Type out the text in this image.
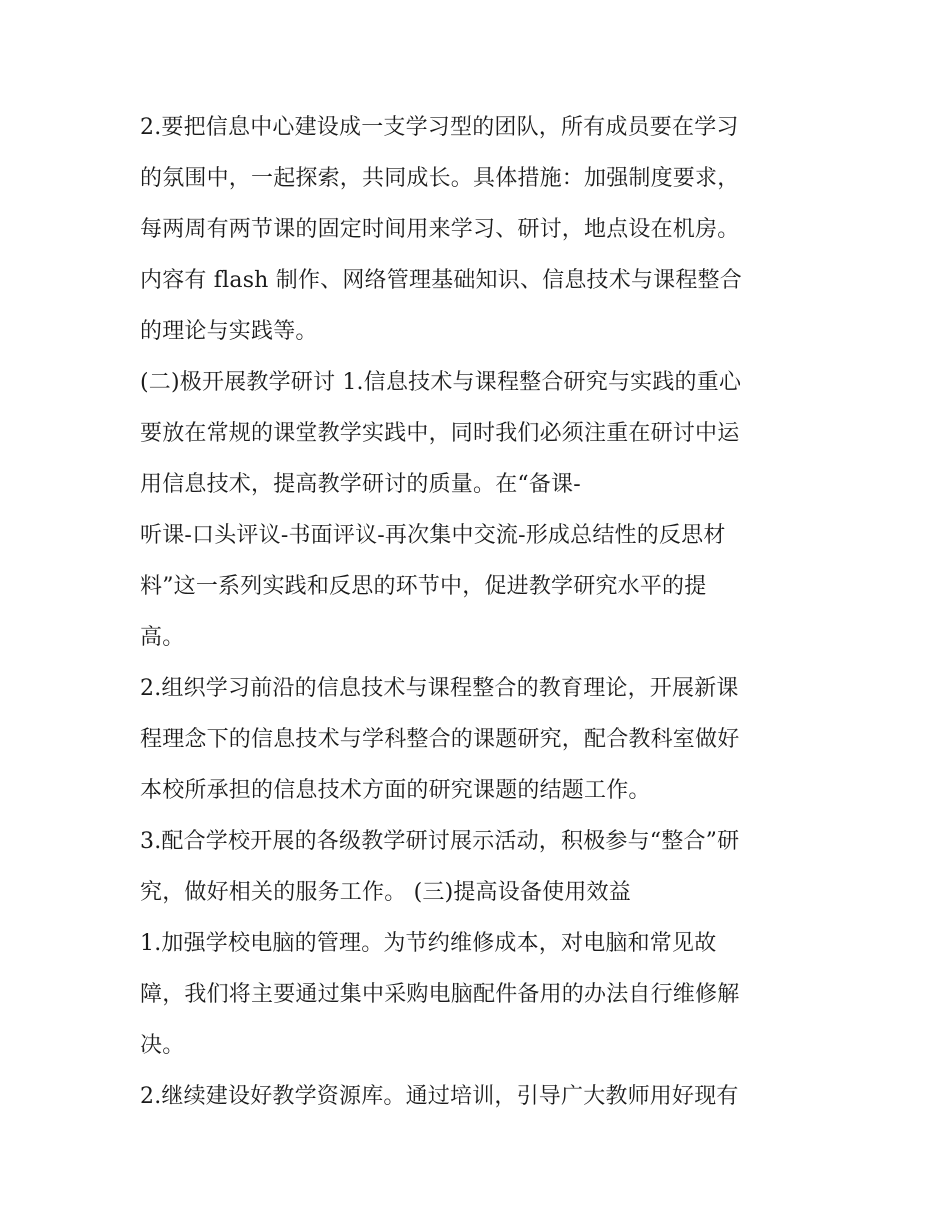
2.要把信息中心建设成一支学习型的团队，所有成员要在学习
的氛围中，一起探索，共同成长。具体措施：加强制度要求，
每两周有两节课的固定时间用来学习、研讨，地点设在机房。
内容有 flash 制作、网络管理基础知识、信息技术与课程整合
的理论与实践等。
(二)极开展教学研讨 1.信息技术与课程整合研究与实践的重心
要放在常规的课堂教学实践中，同时我们必须注重在研讨中运
用信息技术，提高教学研讨的质量。在“备课-
听课-口头评议-书面评议-再次集中交流-形成总结性的反思材
料”这一系列实践和反思的环节中，促进教学研究水平的提
高。
2.组织学习前沿的信息技术与课程整合的教育理论，开展新课
程理念下的信息技术与学科整合的课题研究，配合教科室做好
本校所承担的信息技术方面的研究课题的结题工作。
3.配合学校开展的各级教学研讨展示活动，积极参与“整合”研
究，做好相关的服务工作。 (三)提高设备使用效益
1.加强学校电脑的管理。为节约维修成本，对电脑和常见故
障，我们将主要通过集中采购电脑配件备用的办法自行维修解
决。
2.继续建设好教学资源库。通过培训，引导广大教师用好现有
